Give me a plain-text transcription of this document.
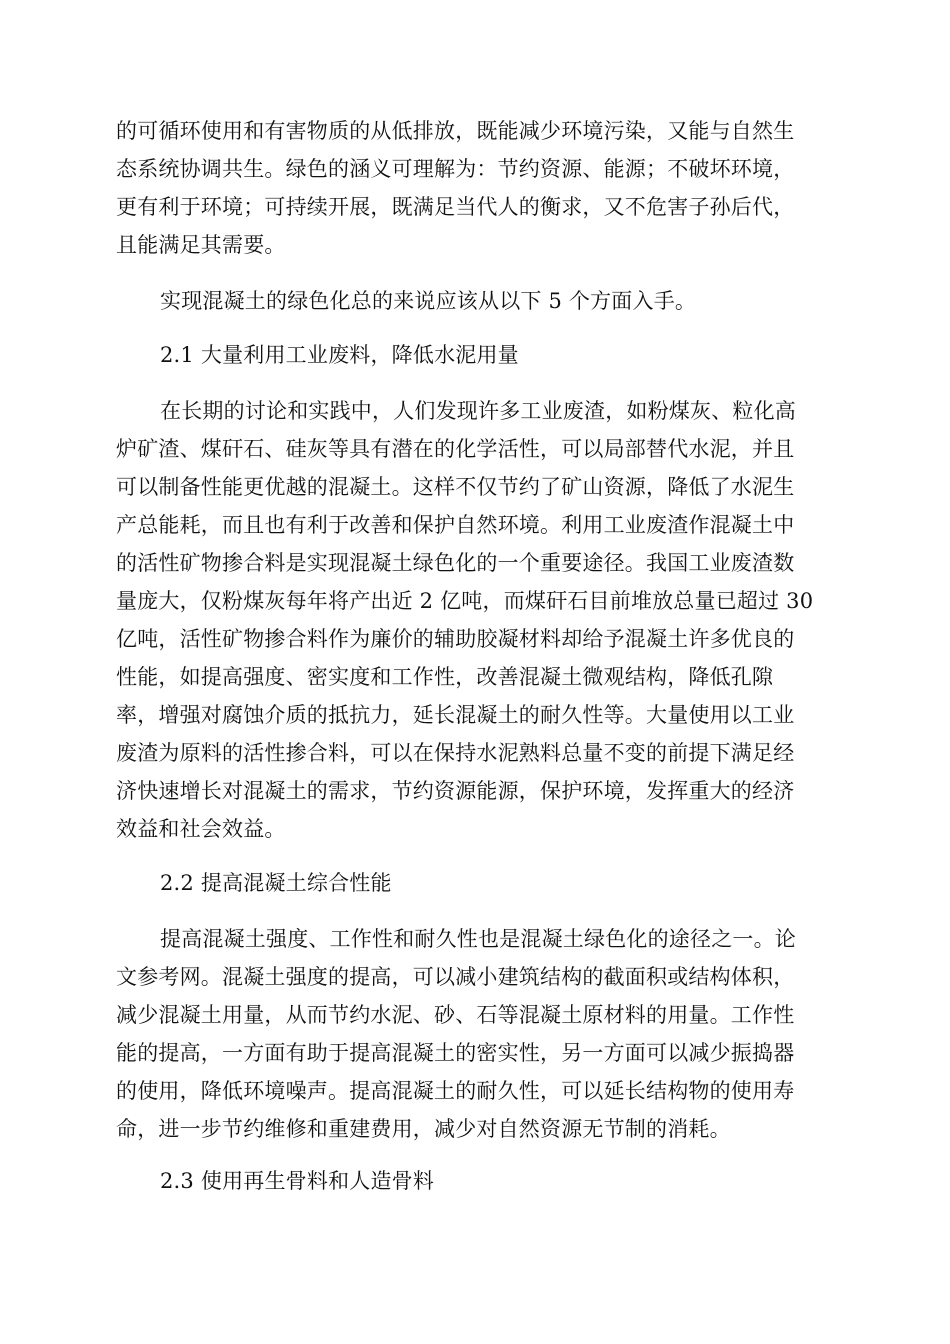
的可循环使用和有害物质的从低排放，既能减少环境污染，又能与自然生
态系统协调共生。绿色的涵义可理解为：节约资源、能源；不破坏环境，
更有利于环境；可持续开展，既满足当代人的衡求，又不危害子孙后代，
且能满足其需要。
实现混凝土的绿色化总的来说应该从以下 5 个方面入手。
2.1 大量利用工业废料，降低水泥用量
在长期的讨论和实践中，人们发现许多工业废渣，如粉煤灰、粒化高
炉矿渣、煤矸石、硅灰等具有潜在的化学活性，可以局部替代水泥，并且
可以制备性能更优越的混凝土。这样不仅节约了矿山资源，降低了水泥生
产总能耗，而且也有利于改善和保护自然环境。利用工业废渣作混凝土中
的活性矿物掺合料是实现混凝土绿色化的一个重要途径。我国工业废渣数
量庞大，仅粉煤灰每年将产出近 2 亿吨，而煤矸石目前堆放总量已超过 30
亿吨，活性矿物掺合料作为廉价的辅助胶凝材料却给予混凝土许多优良的
性能，如提高强度、密实度和工作性，改善混凝土微观结构，降低孔隙
率，增强对腐蚀介质的抵抗力，延长混凝土的耐久性等。大量使用以工业
废渣为原料的活性掺合料，可以在保持水泥熟料总量不变的前提下满足经
济快速增长对混凝土的需求，节约资源能源，保护环境，发挥重大的经济
效益和社会效益。
2.2 提高混凝土综合性能
提高混凝土强度、工作性和耐久性也是混凝土绿色化的途径之一。论
文参考网。混凝土强度的提高，可以减小建筑结构的截面积或结构体积，
减少混凝土用量，从而节约水泥、砂、石等混凝土原材料的用量。工作性
能的提高，一方面有助于提高混凝土的密实性，另一方面可以减少振捣器
的使用，降低环境噪声。提高混凝土的耐久性，可以延长结构物的使用寿
命，进一步节约维修和重建费用，减少对自然资源无节制的消耗。
2.3 使用再生骨料和人造骨料
